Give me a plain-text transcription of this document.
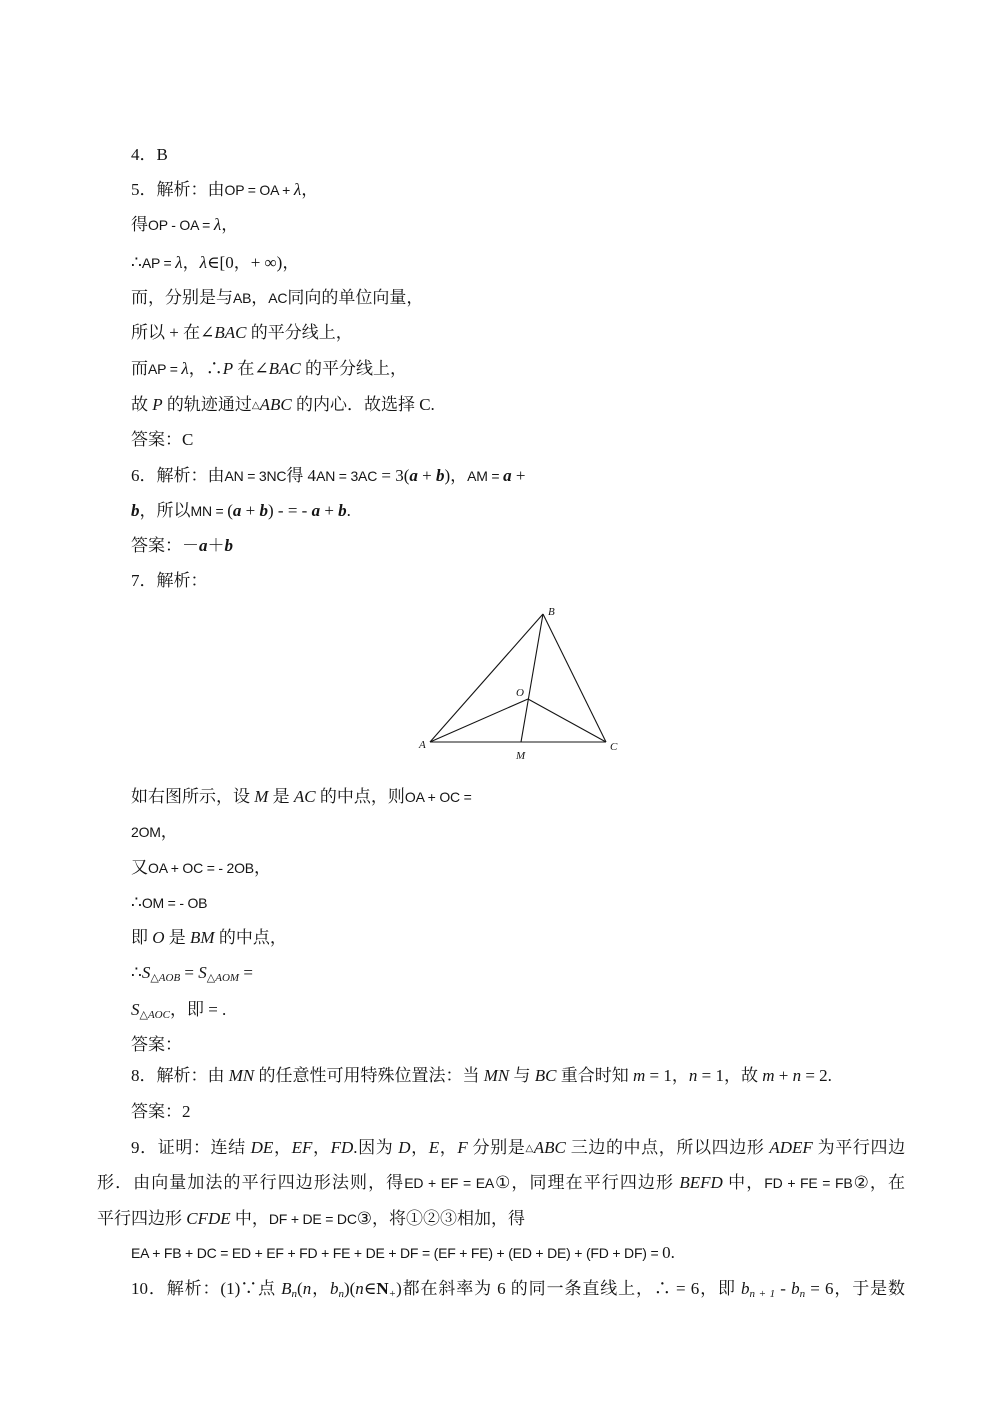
4．B
5．解析：由OP = OA + λ，
得OP - OA = λ，
∴AP = λ，λ∈[0，+ ∞)，
而，分别是与AB，AC同向的单位向量，
所以 + 在∠BAC 的平分线上，
而AP = λ，∴P 在∠BAC 的平分线上，
故 P 的轨迹通过△ABC 的内心．故选择 C.
答案：C
6．解析：由AN = 3NC得 4AN = 3AC = 3(a + b)，AM = a +
b，所以MN = (a + b) - = - a + b.
答案：－a＋b
7．解析：
B
O
A
M
C
如右图所示，设 M 是 AC 的中点，则OA + OC =
2OM，
又OA + OC = - 2OB，
∴OM = - OB
即 O 是 BM 的中点，
∴S△AOB = S△AOM =
S△AOC，即 = .
答案：
8．解析：由 MN 的任意性可用特殊位置法：当 MN 与 BC 重合时知 m = 1，n = 1，故 m + n = 2.
答案：2
9．证明：连结 DE，EF，FD.因为 D，E，F 分别是△ABC 三边的中点，所以四边形 ADEF 为平行四边
形．由向量加法的平行四边形法则，得ED + EF = EA①，同理在平行四边形 BEFD 中，FD + FE = FB②，在
平行四边形 CFDE 中，DF + DE = DC③，将①②③相加，得
EA + FB + DC = ED + EF + FD + FE + DE + DF = (EF + FE) + (ED + DE) + (FD + DF) = 0.
10．解析：(1)∵点 Bn(n，bn)(n∈N+)都在斜率为 6 的同一条直线上，∴ = 6，即 bn + 1 - bn = 6，于是数
